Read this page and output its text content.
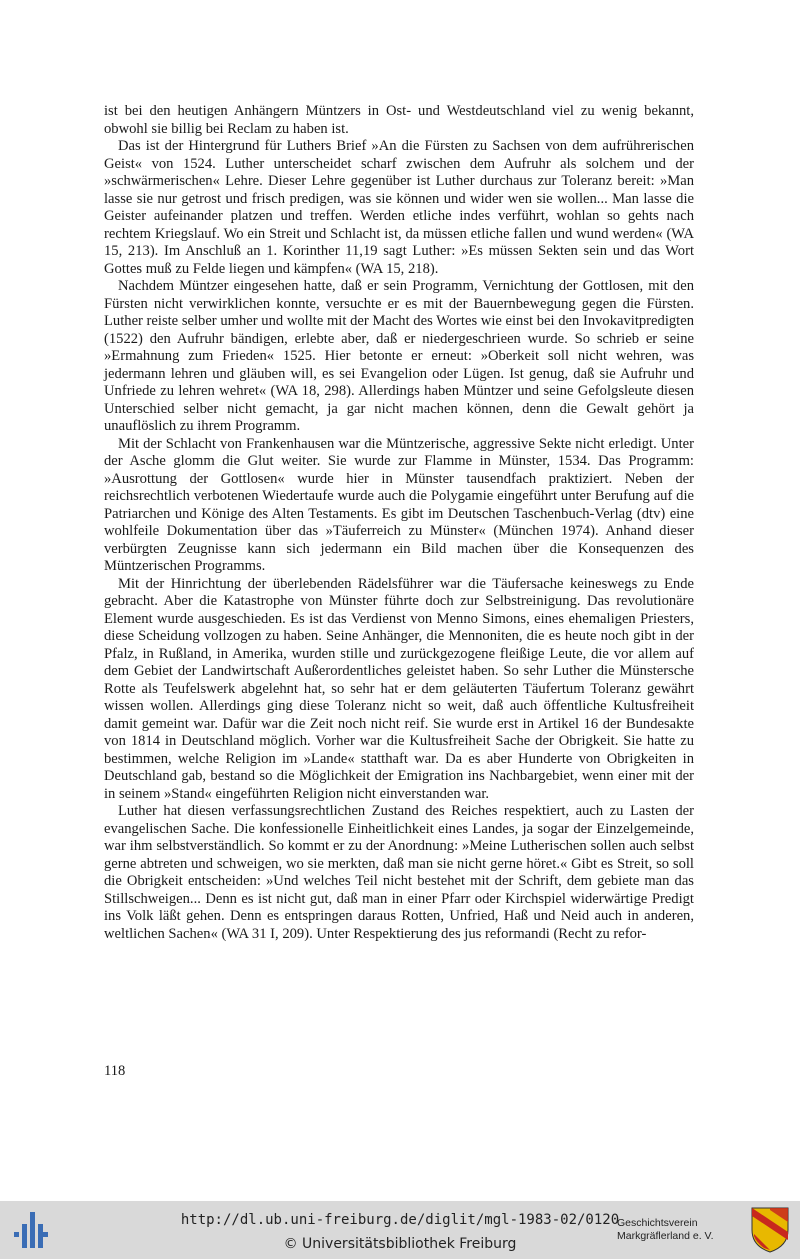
ist bei den heutigen Anhängern Müntzers in Ost- und Westdeutschland viel zu wenig bekannt, obwohl sie billig bei Reclam zu haben ist.

Das ist der Hintergrund für Luthers Brief »An die Fürsten zu Sachsen von dem aufrührerischen Geist« von 1524. Luther unterscheidet scharf zwischen dem Aufruhr als solchem und der »schwärmerischen« Lehre. Dieser Lehre gegenüber ist Luther durchaus zur Toleranz bereit: »Man lasse sie nur getrost und frisch predigen, was sie können und wider wen sie wollen... Man lasse die Geister aufeinander platzen und treffen. Werden etliche indes verführt, wohlan so gehts nach rechtem Kriegslauf. Wo ein Streit und Schlacht ist, da müssen etliche fallen und wund werden« (WA 15, 213). Im Anschluß an 1. Korinther 11,19 sagt Luther: »Es müssen Sekten sein und das Wort Gottes muß zu Felde liegen und kämpfen« (WA 15, 218).

Nachdem Müntzer eingesehen hatte, daß er sein Programm, Vernichtung der Gottlosen, mit den Fürsten nicht verwirklichen konnte, versuchte er es mit der Bauernbewegung gegen die Fürsten. Luther reiste selber umher und wollte mit der Macht des Wortes wie einst bei den Invokavitpredigten (1522) den Aufruhr bändigen, erlebte aber, daß er niedergeschrieen wurde. So schrieb er seine »Ermahnung zum Frieden« 1525. Hier betonte er erneut: »Oberkeit soll nicht wehren, was jedermann lehren und gläuben will, es sei Evangelion oder Lügen. Ist genug, daß sie Aufruhr und Unfriede zu lehren wehret« (WA 18, 298). Allerdings haben Müntzer und seine Gefolgsleute diesen Unterschied selber nicht gemacht, ja gar nicht machen können, denn die Gewalt gehört ja unauflöslich zu ihrem Programm.

Mit der Schlacht von Frankenhausen war die Müntzerische, aggressive Sekte nicht erledigt. Unter der Asche glomm die Glut weiter. Sie wurde zur Flamme in Münster, 1534. Das Programm: »Ausrottung der Gottlosen« wurde hier in Münster tausendfach praktiziert. Neben der reichsrechtlich verbotenen Wiedertaufe wurde auch die Polygamie eingeführt unter Berufung auf die Patriarchen und Könige des Alten Testaments. Es gibt im Deutschen Taschenbuch-Verlag (dtv) eine wohlfeile Dokumentation über das »Täuferreich zu Münster« (München 1974). Anhand dieser verbürgten Zeugnisse kann sich jedermann ein Bild machen über die Konsequenzen des Müntzerischen Programms.

Mit der Hinrichtung der überlebenden Rädelsführer war die Täufersache keineswegs zu Ende gebracht. Aber die Katastrophe von Münster führte doch zur Selbstreinigung. Das revolutionäre Element wurde ausgeschieden. Es ist das Verdienst von Menno Simons, eines ehemaligen Priesters, diese Scheidung vollzogen zu haben. Seine Anhänger, die Mennoniten, die es heute noch gibt in der Pfalz, in Rußland, in Amerika, wurden stille und zurückgezogene fleißige Leute, die vor allem auf dem Gebiet der Landwirtschaft Außerordentliches geleistet haben. So sehr Luther die Münstersche Rotte als Teufelswerk abgelehnt hat, so sehr hat er dem geläuterten Täufertum Toleranz gewährt wissen wollen. Allerdings ging diese Toleranz nicht so weit, daß auch öffentliche Kultusfreiheit damit gemeint war. Dafür war die Zeit noch nicht reif. Sie wurde erst in Artikel 16 der Bundesakte von 1814 in Deutschland möglich. Vorher war die Kultusfreiheit Sache der Obrigkeit. Sie hatte zu bestimmen, welche Religion im »Lande« statthaft war. Da es aber Hunderte von Obrigkeiten in Deutschland gab, bestand so die Möglichkeit der Emigration ins Nachbargebiet, wenn einer mit der in seinem »Stand« eingeführten Religion nicht einverstanden war.

Luther hat diesen verfassungsrechtlichen Zustand des Reiches respektiert, auch zu Lasten der evangelischen Sache. Die konfessionelle Einheitlichkeit eines Landes, ja sogar der Einzelgemeinde, war ihm selbstverständlich. So kommt er zu der Anordnung: »Meine Lutherischen sollen auch selbst gerne abtreten und schweigen, wo sie merkten, daß man sie nicht gerne höret.« Gibt es Streit, so soll die Obrigkeit entscheiden: »Und welches Teil nicht bestehet mit der Schrift, dem gebiete man das Stillschweigen... Denn es ist nicht gut, daß man in einer Pfarr oder Kirchspiel widerwärtige Predigt ins Volk läßt gehen. Denn es entspringen daraus Rotten, Unfried, Haß und Neid auch in anderen, weltlichen Sachen« (WA 31 I, 209). Unter Respektierung des jus reformandi (Recht zu refor-

118
http://dl.ub.uni-freiburg.de/diglit/mgl-1983-02/0120
© Universitätsbibliothek Freiburg
Geschichtsverein
Markgräflerland e. V.
